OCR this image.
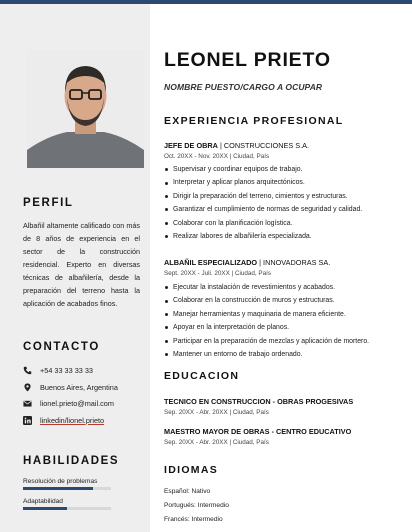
PERFIL
Albañil altamente calificado con más de 8 años de experiencia en el sector de la construcción residencial. Experto en diversas técnicas de albañilería, desde la preparación del terreno hasta la aplicación de acabados finos.
CONTACTO
+54 33 33 33 33
Buenos Aires, Argentina
lionel.prieto@mail.com
linkedin/lionel.prieto
HABILIDADES
Resolución de problemas
Adaptabilidad
LEONEL PRIETO
NOMBRE PUESTO/CARGO A OCUPAR
EXPERIENCIA PROFESIONAL
JEFE DE OBRA | CONSTRUCCIONES S.A.
Oct. 20XX - Nov. 20XX | Ciudad, País
Supervisar y coordinar equipos de trabajo.
Interpretar y aplicar planos arquitectónicos.
Dirigir la preparación del terreno, cimientos y estructuras.
Garantizar el cumplimiento de normas de seguridad y calidad.
Colaborar con la planificación logística.
Realizar labores de albañilería especializada.
ALBAÑIL ESPECIALIZADO | INNOVADORAS SA.
Sept. 20XX - Juli. 20XX | Ciudad, País
Ejecutar la instalación de revestimientos y acabados.
Colaborar en la construcción de muros y estructuras.
Manejar herramientas y maquinaria de manera eficiente.
Apoyar en la interpretación de planos.
Participar en la preparación de mezclas y aplicación de mortero.
Mantener un entorno de trabajo ordenado.
EDUCACION
TECNICO EN CONSTRUCCION - OBRAS PROGESIVAS
Sep. 20XX - Abr. 20XX | Ciudad, País
MAESTRO MAYOR DE OBRAS - CENTRO EDUCATIVO
Sep. 20XX - Abr. 20XX | Ciudad, País
IDIOMAS
Español: Nativo
Portugués: Intermedio
Francés: Intermedio
